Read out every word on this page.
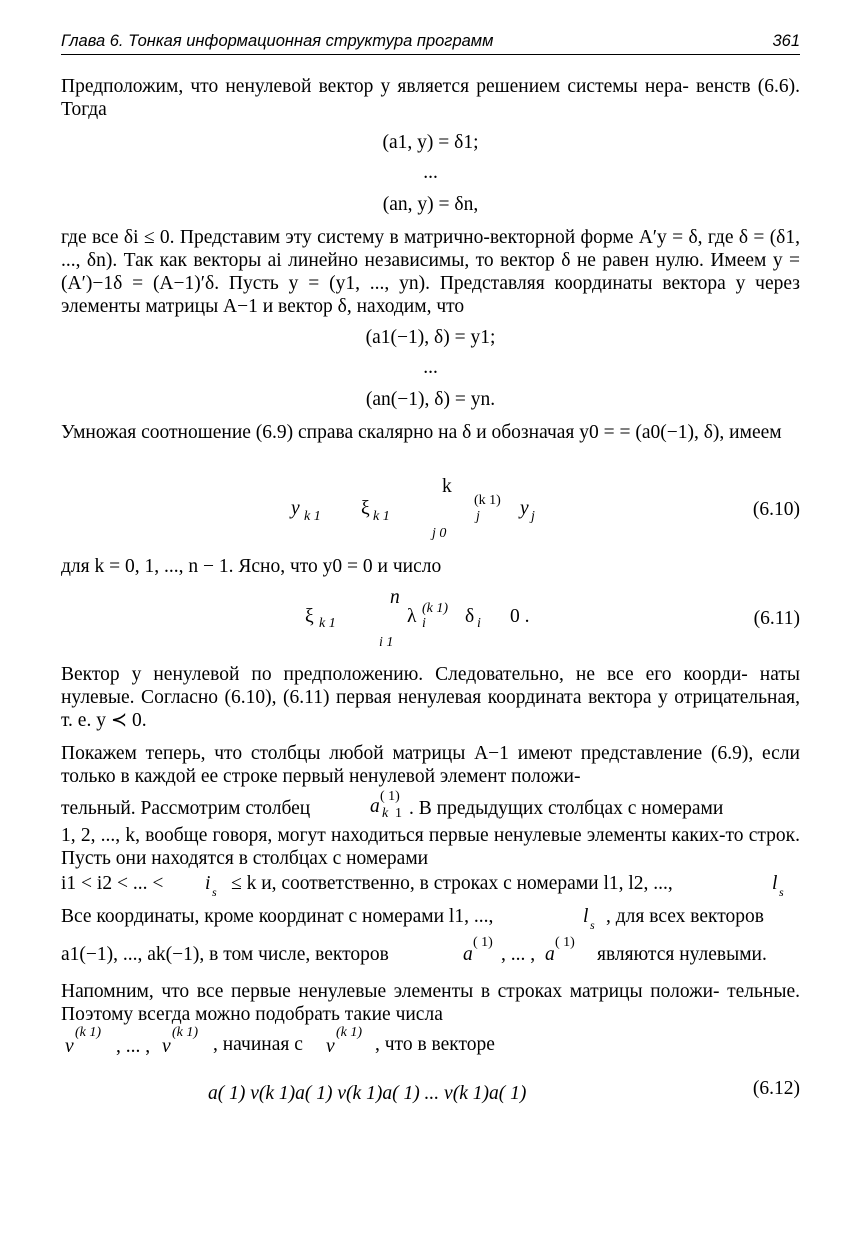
Глава 6. Тонкая информационная структура программ	361
Предположим, что ненулевой вектор y является решением системы нера- венств (6.6). Тогда
(a1, y) = δ1;
...
(an, y) = δn,
где все δi ≤ 0. Представим эту систему в матрично-векторной форме A′y = δ, где δ = (δ1, ..., δn). Так как векторы ai линейно независимы, то вектор δ не равен нулю. Имеем y = (A′)−1δ = (A−1)′δ. Пусть y = (y1, ..., yn). Представляя координаты вектора y через элементы матрицы A−1 и вектор δ, находим, что
(a1(−1), δ) = y1;
...
(an(−1), δ) = yn.
Умножая соотношение (6.9) справа скалярно на δ и обозначая y0 = = (a0(−1), δ), имеем
k
(k 1)
y k 1 ξ k 1	y j
j
j 0
(6.10)
для k = 0, 1, ..., n − 1. Ясно, что y0 = 0 и число
n
ξ k 1	λ (k 1)
i δ i 0 .
i 1
(6.11)
Вектор y ненулевой по предположению. Следовательно, не все его коорди- наты нулевые. Согласно (6.10), (6.11) первая ненулевая координата вектора y отрицательная, т. е. y ≺ 0.
Покажем теперь, что столбцы любой матрицы A−1 имеют представление (6.9), если только в каждой ее строке первый ненулевой элемент положи-
тельный. Рассмотрим столбец	a ( 1)
k 1 . В предыдущих столбцах с номерами
1, 2, ..., k, вообще говоря, могут находиться первые ненулевые элементы каких-то строк. Пусть они находятся в столбцах с номерами
i1 < i2 < ... < i s ≤ k и, соответственно, в строках с номерами l1, l2, ...,	l s
Все координаты, кроме координат с номерами l1, ...,	l s , для всех векторов
a1(−1), ..., ak(−1), в том числе, векторов	a
( 1)
, ... , a
( 1)
являются нулевыми.
Напомним, что все первые ненулевые элементы в строках матрицы положи- тельные. Поэтому всегда можно подобрать такие числа
v
(k 1)
, ... , v
(k 1)
, начиная с v
(k 1)
, что в векторе
a( 1) v(k 1)a( 1) v(k 1)a( 1) ... v(k 1)a( 1)	(6.12)
